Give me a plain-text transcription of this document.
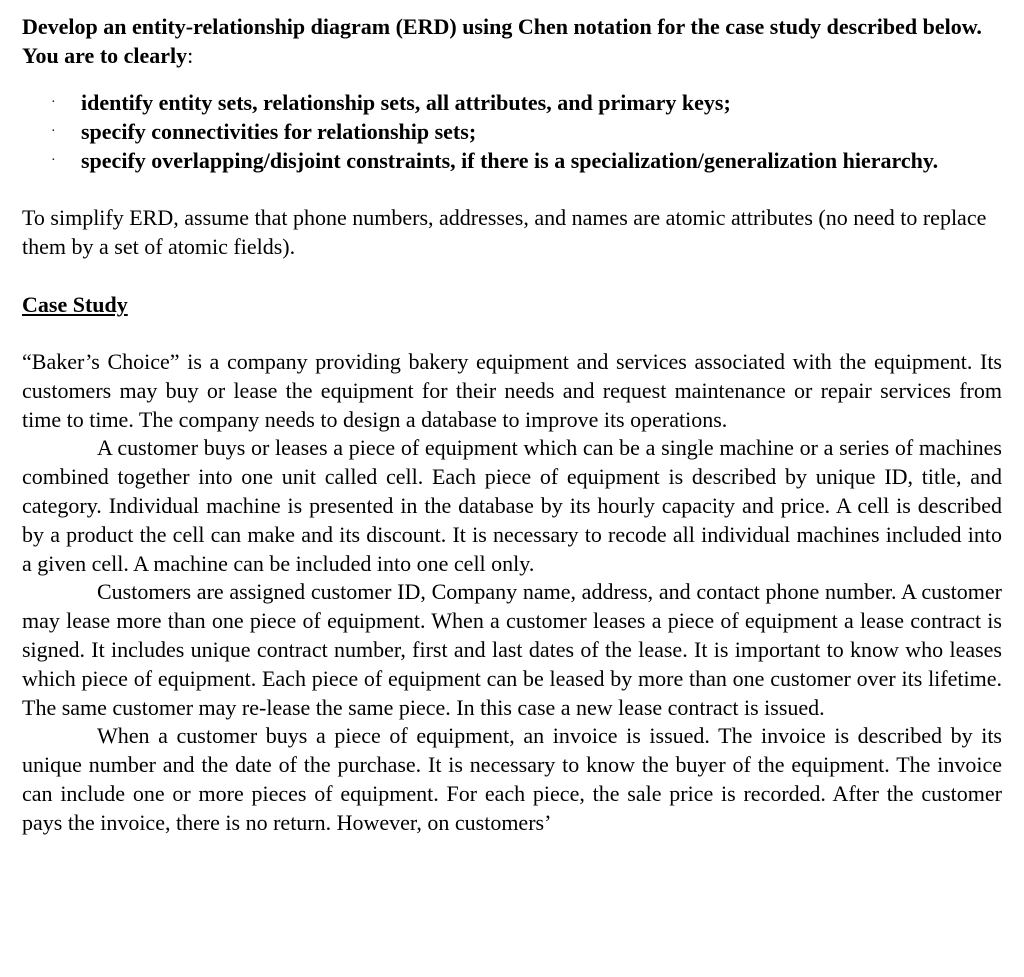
Develop an entity-relationship diagram (ERD) using Chen notation for the case study described below. You are to clearly:

· identify entity sets, relationship sets, all attributes, and primary keys;
· specify connectivities for relationship sets;
· specify overlapping/disjoint constraints, if there is a specialization/generalization hierarchy.

To simplify ERD, assume that phone numbers, addresses, and names are atomic attributes (no need to replace them by a set of atomic fields).

Case Study

“Baker’s Choice” is a company providing bakery equipment and services associated with the equipment. Its customers may buy or lease the equipment for their needs and request maintenance or repair services from time to time. The company needs to design a database to improve its operations.

A customer buys or leases a piece of equipment which can be a single machine or a series of machines combined together into one unit called cell. Each piece of equipment is described by unique ID, title, and category. Individual machine is presented in the database by its hourly capacity and price. A cell is described by a product the cell can make and its discount. It is necessary to recode all individual machines included into a given cell. A machine can be included into one cell only.

Customers are assigned customer ID, Company name, address, and contact phone number. A customer may lease more than one piece of equipment. When a customer leases a piece of equipment a lease contract is signed. It includes unique contract number, first and last dates of the lease. It is important to know who leases which piece of equipment. Each piece of equipment can be leased by more than one customer over its lifetime. The same customer may re-lease the same piece. In this case a new lease contract is issued.

When a customer buys a piece of equipment, an invoice is issued. The invoice is described by its unique number and the date of the purchase. It is necessary to know the buyer of the equipment. The invoice can include one or more pieces of equipment. For each piece, the sale price is recorded. After the customer pays the invoice, there is no return. However, on customers’
